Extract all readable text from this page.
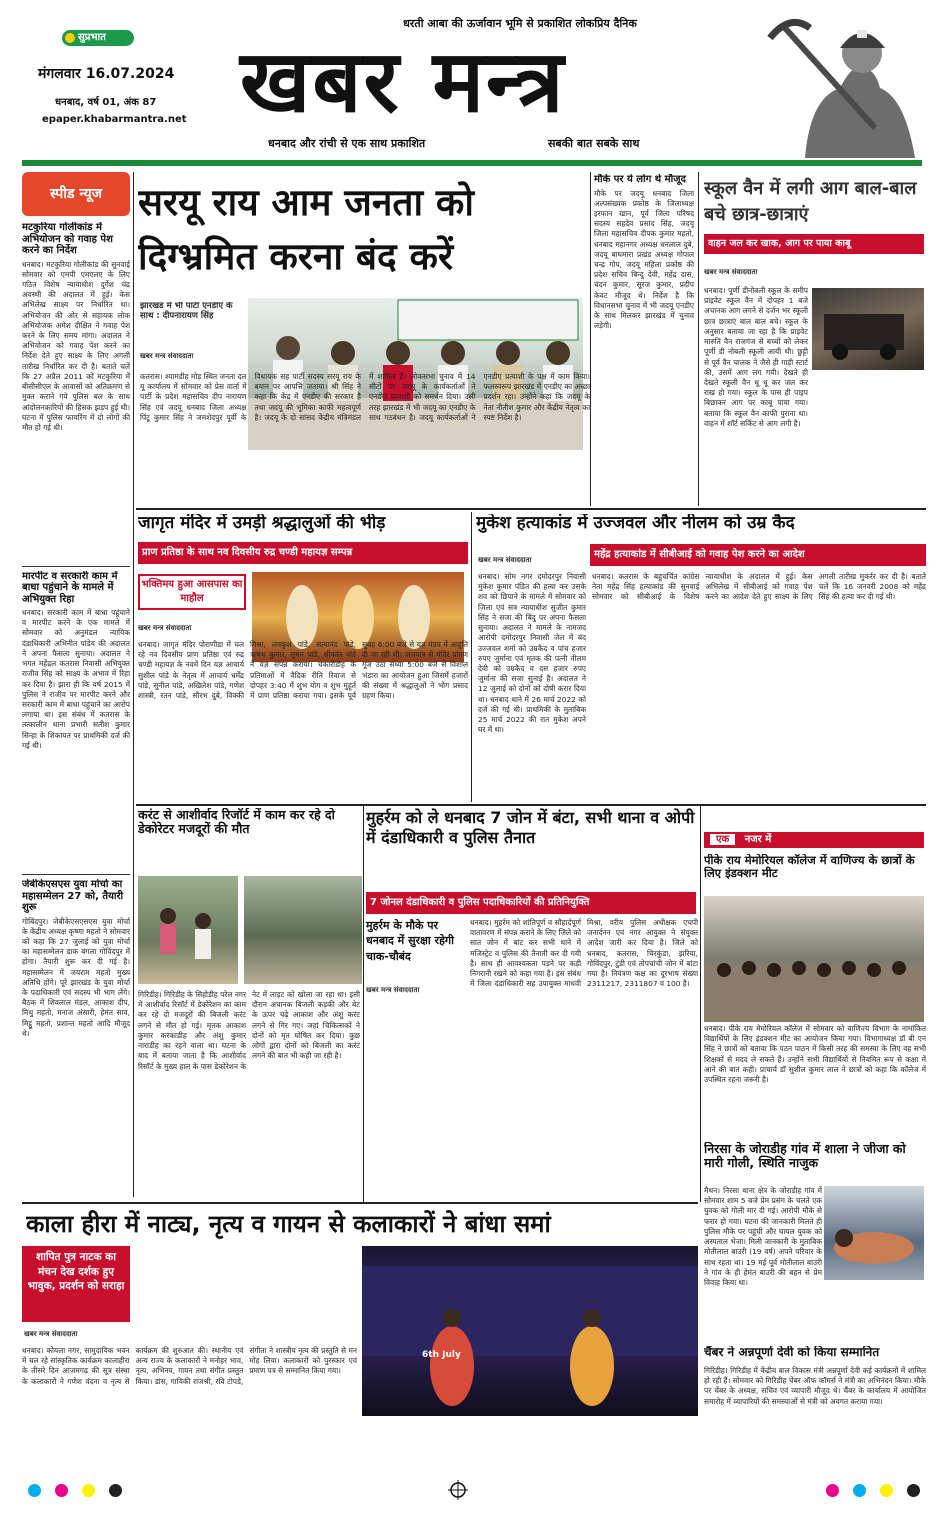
सुप्रभात
धरती आबा की ऊर्जावान भूमि से प्रकाशित लोकप्रिय दैनिक
मंगलवार 16.07.2024
धनबाद, वर्ष 01, अंक 87
epaper.khabarmantra.net खबर मन्त्र
धनबाद और रांची से एक साथ प्रकाशित	सबकी बात सबके साथ
स्पीड न्यूज
मटकुरिया गोलीकांड में अभियोजन को गवाह पेश करने का निर्देश
धनबाद। मटकुरिया गोलीकांड की सुनवाई सोमवार को एमपी एमएलए के लिए गठित विशेष न्यायाधीश दुर्गेश चंद्र अवस्थी की अदालत में हुई। केस अभिलेख साक्ष्य पर निर्धारित था। अभियोजन की ओर से सहायक लोक अभियोजक अमेश दीक्षित ने गवाह पेश करने के लिए समय मांगा। अदालत ने अभियोजन को गवाह पेश करने का निर्देश देते हुए साक्ष्य के लिए अगली तारीख निर्धारित कर दी है। बताते चलें कि 27 अप्रैल 2011 को मटकुरिया में बीसीसीएल के आवासों को अतिक्रमण से मुक्त कराने गये पुलिस बल के साथ आंदोलनकारियों की हिंसक झड़प हुई थी। घटना में पुलिस फायरिंग में दो लोगों की मौत हो गई थी।
मारपीट व सरकारी काम में बाधा पहुंचाने के मामले में अभियुक्त रिहा
धनबाद। सरकारी काम में बाधा पहुंचाने व मारपीट करने के एक मामले में सोमवार को अनुमंडल न्यायिक दंडाधिकारी अभिनीत पांडेय की अदालत ने अपना फैसला सुनाया। अदालत ने भगत महेंद्रल कतरास निवासी अभियुक्त राजीव सिंह को साक्ष्य के अभाव में रिहा कर दिया है। झारा ही कि वर्ष 2015 में पुलिस ने राजीव पर मारपीट करने और सरकारी काम में बाधा पहुंचाने का आरोप लगाया था। इस संबंध में कतरास के तत्कालीन थाना प्रभारी सतीश कुमार सिन्हा के शिकायत पर प्राथमिकी दर्ज की गई थी।
जेबीकेएसएस युवा मोर्चा का महासम्मेलन 27 को, तैयारी शुरू
गोबिंदपुर। जेबीकेएसएसएस युवा मोर्चा के केंद्रीय अध्यक्ष कृष्णा महतो ने सोमवार को कहा कि 27 जुलाई को युवा मोर्चा का महासम्मेलन डाक बंगला गोविंदपुर में होगा। तैयारी शुरू कर दी गई है। महासम्मेलन में जयराम महतो मुख्य अतिथि होंगे। पूरे झारखंड के युवा मोर्चा के पदाधिकारी एवं सदस्य भी भाग लेंगे। बैठक में शिवलाल मंडल, आकाश दीप, मिथु महतो, मनाज अंसारी, हेमंत साव, मिट्ठू महतो, प्रशान्त महतो आदि मौजूद थे।
सरयू राय आम जनता को दिग्भ्रमित करना बंद करें
झारखंड में भी पार्टी एनडीए के साथ : दीपनारायण सिंह
खबर मन्त्र संवाददाता
कतरास। श्यामडीह मोड़ स्थित जनता दल यू कार्यालय में सोमवार को प्रेस वार्ता में पार्टी के प्रदेश महासचिव दीप नारायण सिंह एवं जदयू धनबाद जिला अध्यक्ष पिंटू कुमार सिंह ने जमशेदपुर पूर्वी के विधायक सह पार्टी सदस्य सरयू राय के बयान पर आपत्ति जताया। श्री सिंह ने कहा कि केंद्र में एनडीए की सरकार है तथा जदयू की भूमिका काफी महत्वपूर्ण है। जदयू के दो सांसद केंद्रीय मंत्रिमंडल में शामिल हैं। लोकसभा चुनाव में 14 सीटों पर जदयू के कार्यकर्ताओं ने एनडीए प्रत्याशी को समर्थन दिया। उसी तरह झारखंड में भी जदयू का एनडीए के साथ गठबंधन है। जदयू कार्यकर्ताओं ने एनडीए प्रत्याशी के पक्ष में काम किया। फलस्वरूप झारखंड में एनडीए का अच्छा प्रदर्शन रहा। उन्होंने कहा कि जदयू के नेता नीतीश कुमार और केंद्रीय नेतृत्व का स्पष्ट निर्देश है।
मौके पर ये लोग थे मौजूद
मौके पर जदयू धनबाद जिला अल्पसंख्यक प्रकोष्ठ के जिलाध्यक्ष इरफान खान, पूर्व जिला परिषद सदस्य सहदेव प्रसाद सिंह, जदयू जिला महासचिव दीपक कुमार महतो, धनबाद महानगर अध्यक्ष धनलाल दुबे, जदयू बाघमारा प्रखंड अध्यक्ष गोपाल चन्द्र गोप, जदयू महिला प्रकोष्ठ की प्रदेश सचिव बिन्दु देवी, महेंद्र दास, चंदन कुमार, सूरज कुमार, प्रदीप केवट मौजूद थे। निर्देश है कि विधानसभा चुनाव में भी जदयू एनडीए के साथ मिलकर झारखंड में चुनाव लड़ेगी।
स्कूल वैन में लगी आग बाल-बाल बचे छात्र-छात्राएं
वाहन जल कर खाक, आग पर पाया काबू
खबर मन्त्र संवाददाता
धनबाद। पूर्णी डीनोबली स्कूल के समीप प्राइवेट स्कूल वैन में दोपहर 1 बजे अचानक आग लगने से दर्जन भर स्कूली छात्र छात्राएं बाल बाल बचे। स्कूल के अनुसार बताया जा रहा है कि प्राइवेट मारुति वैन राजगंज से बच्चों को लेकर पूर्णी डी नोबली स्कूली आयी थी। छुट्टी से पूर्व वैन चालक ने जैसे ही गाड़ी स्टार्ट की, उसमें आग लग गयी। देखते ही देखते स्कूली वैन धू धू कर जल कर राख हो गया। स्कूल के पास ही पाइप बिछाकर आग पर काबू पाया गया। बताया कि स्कूल वैन काफी पुराना था। वाहन में शॉर्ट सर्किट से आग लगी है।
जागृत मंदिर में उमड़ी श्रद्धालुओं की भीड़
प्राण प्रतिष्ठा के साथ नव दिवसीय रुद्र चण्डी महायज्ञ सम्पन्न
भक्तिमय हुआ आसपास का माहौल
खबर मन्त्र संवाददाता
धनबाद। जागृत मंदिर पोराणीडा में चल रहे नव दिवसीय प्राण प्रतिष्ठा एवं रुद्र चण्डी महायज्ञ के नवमें दिन यज्ञ आचार्य सुशील पांडे के नेतृत्व में आचार्य धर्मेंद्र पांडे, सुनील पांडे, अखिलेश पांडे, गणेश शास्त्री, रतन पांडे, सौरभ दुबे, विक्की मिश्रा, लवकुश पांडे, सत्यानंद पांडे, ऋषभ कुमार, सुमन पांडे, श्रीकांत पांडे ने यज्ञ संपन्न कराया। चकारीडीह के प्रतिमाओं में वैदिक रीति रिवाज से दोपहर 3:40 में शुभ योग व शुभ मुहूर्त में प्राण प्रतिष्ठा कराया गया। इसके पूर्व सुबह 6:00 बजे से यज्ञ मंडप में आहुति दी जा रही थी। जलपात्र से मंदिर प्रांगण गूंज उठा संध्या 5:00 बजे से विशाल भंडारा का आयोजन हुआ जिसमें हजारों की संख्या में श्रद्धालुओं ने भोग प्रसाद ग्रहण किया।
मुकेश हत्याकांड में उज्जवल और नीलम को उम्र कैद
खबर मन्त्र संवाददाता	महेंद्र हत्याकांड में सीबीआई को गवाह पेश करने का आदेश
धनबाद। सोम नगर दमोदरपुर निवासी मुकेश कुमार पंडित की हत्या कर उसके शव को छिपाने के मामले में सोमवार को जिला एवं सत्र न्यायाधीश सुजीत कुमार सिंह ने सजा की बिंदु पर अपना फैसला सुनाया। अदालत ने मामले के नामजद आरोपी दमोदरपुर निवासी जेल में बंद उज्जवल शर्मा को उम्रकैद व पांच हजार रुपए जुर्माना एवं मृतक की पत्नी नीलम देवी को उम्रकैद व दस हजार रुपए जुर्माना की सजा सुनाई है। अदालत ने 12 जुलाई को दोनों को दोषी करार दिया था। धनबाद थाने में 26 मार्च 2022 को दर्ज की गई थी। प्राथमिकी के मुताबिक 25 मार्च 2022 की रात मुकेश अपने घर में था।
धनबाद। कतरास के बहुचर्चित कांग्रेस नेता महेंद्र सिंह हत्याकांड की सुनवाई सोमवार को सीबीआई के विशेष न्यायाधीश के अदालत में हुई। केस अभिलेख में सीबीआई को गवाह पेश करने का आदेश देते हुए साक्ष्य के लिए अगली तारीख मुकर्रर कर दी है। बताते चलें कि 16 जनवरी 2008 को महेंद्र सिंह की हत्या कर दी गई थी।
करंट से आशीर्वाद रिजॉर्ट में काम कर रहे दो डेकोरेटर मजदूरों की मौत
गिरिडीह। गिरिडीह के सिहोडीह परेल नगर में आशीर्वाद रिसॉर्ट में डेकोरेशन का काम कर रहे दो मजदूरों की बिजली करंट लगने से मौत हो गई। मृतक आकाश कुमार करकाडीह और अंशु कुमार नाराडीह का रहने वाला था। घटना के बाद में बताया जाता है कि आशीर्वाद रिसॉर्ट के मुख्य हाल के पास डेकोरेशन के नेट में लाइट को खोला जा रहा था। इसी दौरान अचानक बिजली कड़की और बेट के ऊपर चढ़े आकाश और अंशु करंट लगने से गिर गए। जहां चिकित्सकों ने दोनों को मृत घोषित कर दिया। कुछ लोगों द्वारा दोनों को बिजली का करंट लगने की बात भी कही जा रही है।
मुहर्रम को ले धनबाद 7 जोन में बंटा, सभी थाना व ओपी में दंडाधिकारी व पुलिस तैनात
7 जोनल दंडाधिकारी व पुलिस पदाधिकारियों की प्रतिनियुक्ति
मुहर्रम के मौके पर धनबाद में सुरक्षा रहेगी चाक-चौबंद
खबर मन्त्र संवाददाता
धनबाद। मुहर्रम को शांतिपूर्ण व सौहार्दपूर्ण वातावरण में संपन्न कराने के लिए जिले को सात जोन में बांट कर सभी थाने में मजिस्ट्रेट व पुलिस की तैनाती कर दी गयी है। साथ ही आवश्यकता पड़ने पर कड़ी निगरानी रखने को कहा गया है। इस संबंध में जिला दंडाधिकारी सह उपायुक्त माधवी मिश्रा, वरीय पुलिस अधीक्षक एचपी जनार्दनन एवं नगर आयुक्त ने संयुक्त आदेश जारी कर दिया है। जिले को धनबाद, कतरास, चिरकुंडा, झरिया, गोविंदपुर, टुंडी एवं तोपचांची जोन में बांटा गया है। नियंत्रण कक्ष का दूरभाष संख्या 2311217, 2311807 व 100 है।
एक नजर में
पीके राय मेमोरियल कॉलेज में वाणिज्य के छात्रों के लिए इंडक्शन मीट
धनबाद। पीके राय मेमोरियल कॉलेज में सोमवार को वाणिज्य विभाग के नामांकित विद्यार्थियों के लिए इंडक्शन मीट का आयोजन किया गया। विभागाध्यक्ष डॉ बी एन सिंह ने छात्रों को बताया कि पठन पाठन में किसी तरह की समस्या के लिए वह सभी शिक्षकों से मदद ले सकते हैं। उन्होंने सभी विद्यार्थियों से नियमित रूप से कक्षा में आने की बात कही। प्राचार्य डॉ सुशील कुमार लाल ने छात्रों को कहा कि कॉलेज में उपस्थित रहना जरूरी है।
निरसा के जोराडीह गांव में शाला ने जीजा को मारी गोली, स्थिति नाजुक
मैथन। निरसा थाना क्षेत्र के जोराडीह गांव में सोमवार शाम 5 बजे प्रेम प्रसंग के चलते एक युवक को गोली मार दी गई। आरोपी मौके से फरार हो गया। घटना की जानकारी मिलते ही पुलिस मौके पर पहुंची और घायल युवक को अस्पताल भेजा। मिली जानकारी के मुताबिक मोतीलाल बाउरी (19 वर्ष) अपने परिवार के साथ रहता था। 19 मई पूर्व मोतीलाल बाउरी ने गांव के ही हेमंत बाउरी की बहन से प्रेम विवाह किया था।
काला हीरा में नाट्य, नृत्य व गायन से कलाकारों ने बांधा समां
शापित पुत्र नाटक का मंचन देख दर्शक हुए भावुक, प्रदर्शन को सराहा
खबर मन्त्र संवाददाता
धनबाद। कोयला नगर, सामुदायिक भवन में चल रहे सांस्कृतिक कार्यक्रम कालाहीरा के तीसरे दिन आजमगढ़ की सूत्र संस्था के कलाकारों ने गणेश वंदना व नृत्य से कार्यक्रम की शुरुआत की। स्थानीय एवं अन्य राज्य के कलाकारों ने मनोहर भाव, नृत्य, अभिनय, गायन तथा संगीत प्रस्तुत किया। डांस, गायिकी राजश्री, रवि टोपडे, संगीता ने शास्त्रीय नृत्य की प्रस्तुति से मन मोह लिया। कलाकारों को पुरस्कार एवं प्रमाण पत्र से सम्मानित किया गया।
6th July	चैंबर ने अन्नपूर्णा देवी को किया सम्मानित
गिरिडीह। गिरिडीह में केंद्रीय बाल विकास मंत्री अन्नपूर्णा देवी कई कार्यक्रमों में शामिल हो रही हैं। सोमवार को गिरिडीह चेंबर ऑफ कॉमर्स ने मंत्री का अभिनंदन किया। मौके पर चेंबर के अध्यक्ष, सचिव एवं व्यापारी मौजूद थे। चैंबर के कार्यालय में आयोजित समारोह में व्यापारियों की समस्याओं से मंत्री को अवगत कराया गया।
